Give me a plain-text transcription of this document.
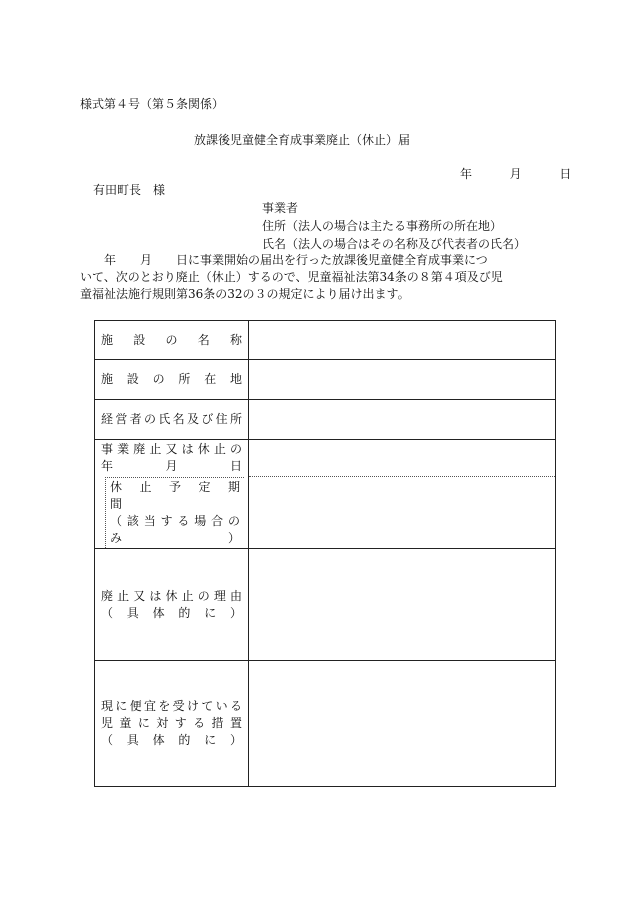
様式第４号（第５条関係）
放課後児童健全育成事業廃止（休止）届
年	月	日
有田町長　様
事業者
住所（法人の場合は主たる事務所の所在地）
氏名（法人の場合はその名称及び代表者の氏名）

　　年　　月　　日に事業開始の届出を行った放課後児童健全育成事業につ

いて、次のとおり廃止（休止）するので、児童福祉法第34条の８第４項及び児

童福祉法施行規則第36条の32の３の規定により届け出ます。

施　設　の　名　称	

施　設　の　所　在　地	

経営者の氏名及び住所	

事業廃止又は休止の
年　　　月　　　日
休　止　予　定　期　間
（該当する場合の
み　　　　　　　　）	

廃止又は休止の理由
（　具　体　的　に　）	

現に便宜を受けている
児童に対する措置
（　具　体　的　に　）	
